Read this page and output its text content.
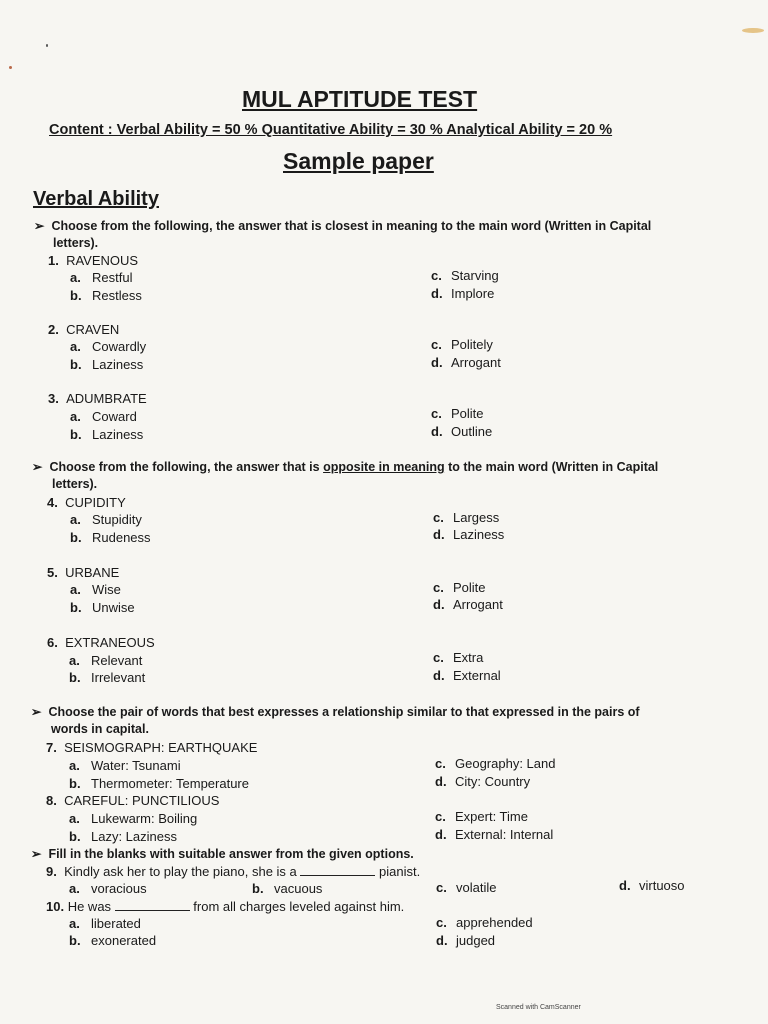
MUL APTITUDE TEST
Content : Verbal Ability = 50 % Quantitative Ability = 30 % Analytical Ability = 20 %
Sample paper
Verbal Ability
➢ Choose from the following, the answer that is closest in meaning to the main word (Written in Capital
letters).
1. RAVENOUS
a. Restful
b. Restless
c. Starving
d. Implore
2. CRAVEN
a. Cowardly
b. Laziness
c. Politely
d. Arrogant
3. ADUMBRATE
a. Coward
b. Laziness
c. Polite
d. Outline
➢ Choose from the following, the answer that is opposite in meaning to the main word (Written in Capital
letters).
4. CUPIDITY
a. Stupidity
b. Rudeness
c. Largess
d. Laziness
5. URBANE
a. Wise
b. Unwise
c. Polite
d. Arrogant
6. EXTRANEOUS
a. Relevant
b. Irrelevant
c. Extra
d. External
➢ Choose the pair of words that best expresses a relationship similar to that expressed in the pairs of
words in capital.
7. SEISMOGRAPH: EARTHQUAKE
a. Water: Tsunami
b. Thermometer: Temperature
c. Geography: Land
d. City: Country
8. CAREFUL: PUNCTILIOUS
a. Lukewarm: Boiling
b. Lazy: Laziness
c. Expert: Time
d. External: Internal
➢ Fill in the blanks with suitable answer from the given options.
9. Kindly ask her to play the piano, she is a	pianist.
a. voracious	b. vacuous	c. volatile	d. virtuoso
10. He was	from all charges leveled against him.
a. liberated
b. exonerated
c. apprehended
d. judged
Scanned with CamScanner
